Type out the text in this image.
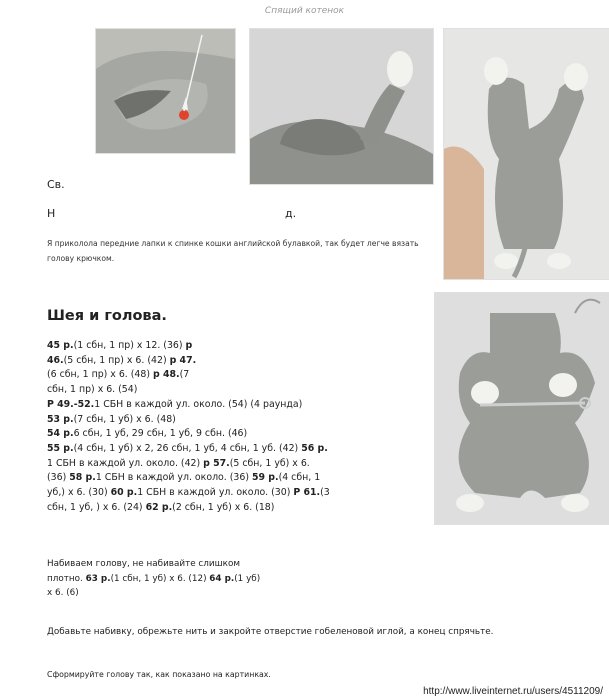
Спящий котенок
Св.
Н	д.
Я приколола передние лапки к спинке кошки английской булавкой, так будет легче вязать голову крючком.
Шея и голова.
45 р.(1 сбн, 1 пр) x 12. (36) р
46.(5 сбн, 1 пр) x 6. (42) р 47.
(6 сбн, 1 пр) x 6. (48) р 48.(7
сбн, 1 пр) x 6. (54)
Р 49.-52.1 СБН в каждой ул. около. (54) (4 раунда)
53 р.(7 сбн, 1 уб) x 6. (48)
54 р.6 сбн, 1 уб, 29 сбн, 1 уб, 9 сбн. (46)
55 р.(4 сбн, 1 уб) x 2, 26 сбн, 1 уб, 4 сбн, 1 уб. (42) 56 р.
1 СБН в каждой ул. около. (42) р 57.(5 сбн, 1 уб) x 6.
(36) 58 р.1 СБН в каждой ул. около. (36) 59 р.(4 сбн, 1
уб,) x 6. (30) 60 р.1 СБН в каждой ул. около. (30) Р 61.(3
сбн, 1 уб, ) x 6. (24) 62 р.(2 сбн, 1 уб) x 6. (18)
Набиваем голову, не набивайте слишком
плотно. 63 р.(1 сбн, 1 уб) x 6. (12) 64 р.(1 уб)
x 6. (6)
Добавьте набивку, обрежьте нить и закройте отверстие гобеленовой иглой, а конец спрячьте.
Сформируйте голову так, как показано на картинках.
http://www.liveinternet.ru/users/4511209/
